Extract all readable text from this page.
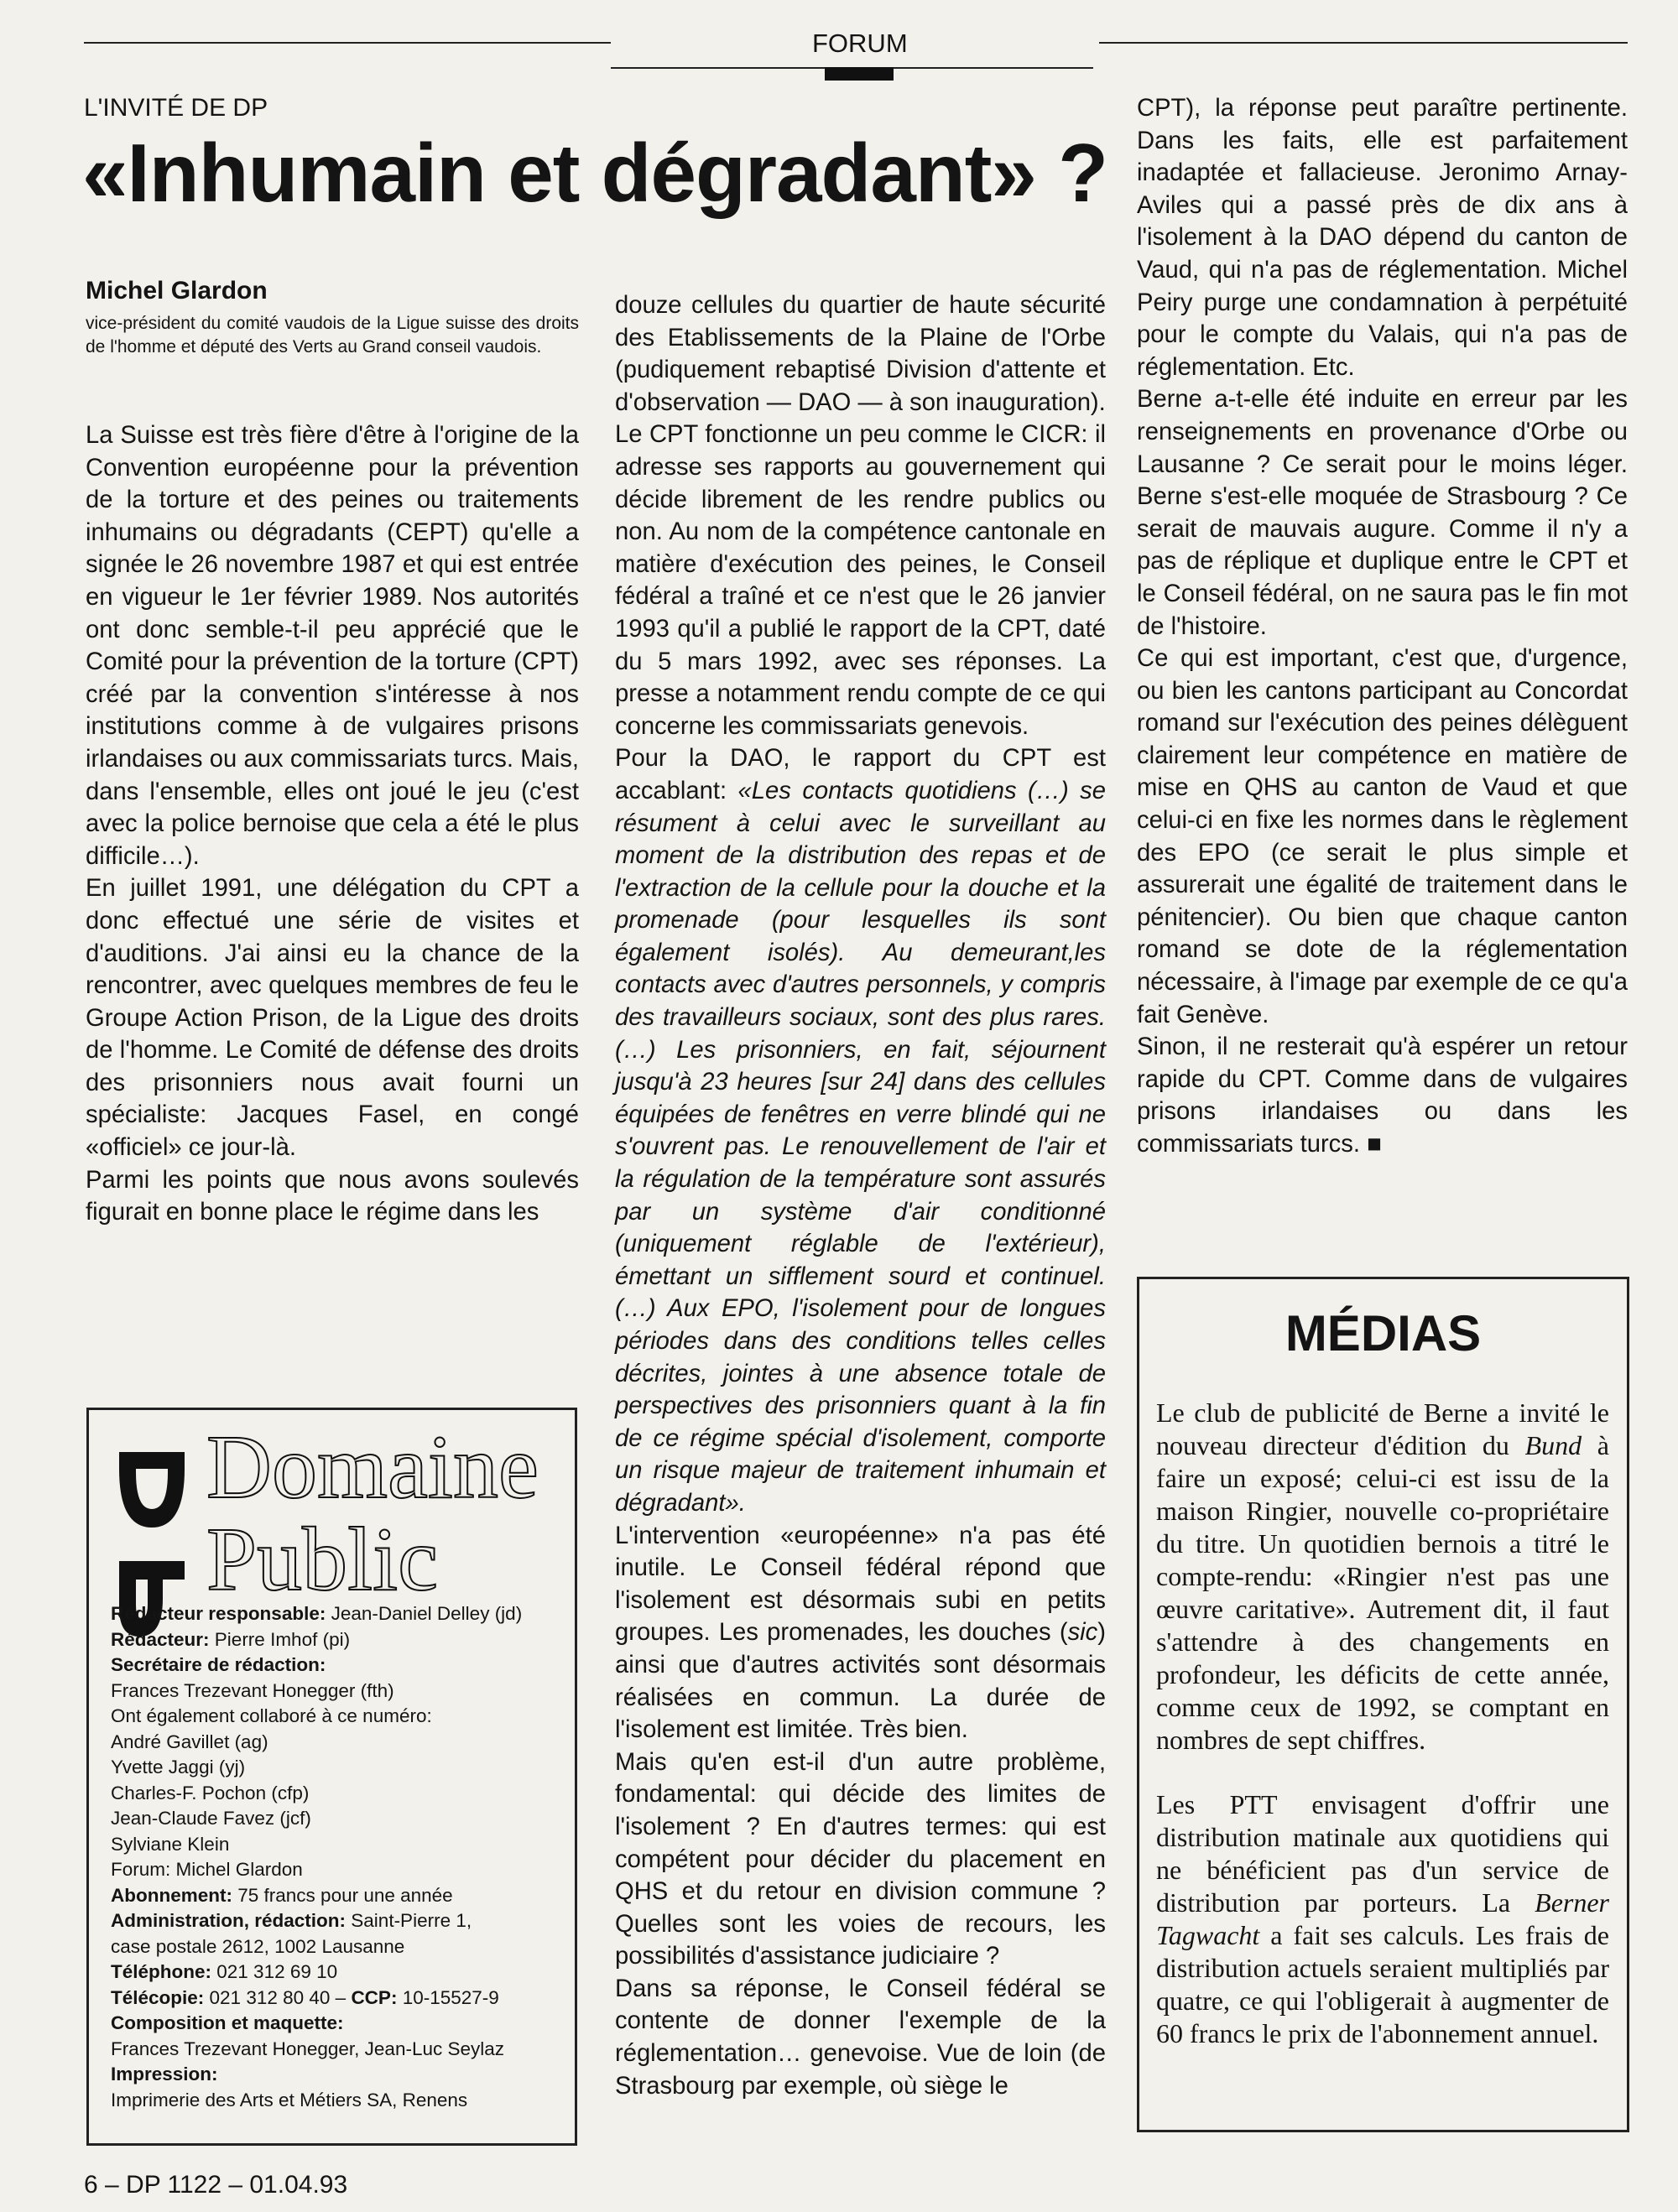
FORUM
L'INVITÉ DE DP
«Inhumain et dégradant» ?
Michel Glardon
vice-président du comité vaudois de la Ligue suisse des droits de l'homme et député des Verts au Grand conseil vaudois.

La Suisse est très fière d'être à l'origine de la Convention européenne pour la prévention de la torture et des peines ou traitements inhumains ou dégradants (CEPT) qu'elle a signée le 26 novembre 1987 et qui est entrée en vigueur le 1er février 1989. Nos autorités ont donc semble-t-il peu apprécié que le Comité pour la prévention de la torture (CPT) créé par la convention s'intéresse à nos institutions comme à de vulgaires prisons irlandaises ou aux commissariats turcs. Mais, dans l'ensemble, elles ont joué le jeu (c'est avec la police bernoise que cela a été le plus difficile…).

En juillet 1991, une délégation du CPT a donc effectué une série de visites et d'auditions. J'ai ainsi eu la chance de la rencontrer, avec quelques membres de feu le Groupe Action Prison, de la Ligue des droits de l'homme. Le Comité de défense des droits des prisonniers nous avait fourni un spécialiste: Jacques Fasel, en congé «officiel» ce jour-là.

Parmi les points que nous avons soulevés figurait en bonne place le régime dans les

douze cellules du quartier de haute sécurité des Etablissements de la Plaine de l'Orbe (pudiquement rebaptisé Division d'attente et d'observation — DAO — à son inauguration).

Le CPT fonctionne un peu comme le CICR: il adresse ses rapports au gouvernement qui décide librement de les rendre publics ou non. Au nom de la compétence cantonale en matière d'exécution des peines, le Conseil fédéral a traîné et ce n'est que le 26 janvier 1993 qu'il a publié le rapport de la CPT, daté du 5 mars 1992, avec ses réponses. La presse a notamment rendu compte de ce qui concerne les commissariats genevois.

Pour la DAO, le rapport du CPT est accablant: «Les contacts quotidiens (…) se résument à celui avec le surveillant au moment de la distribution des repas et de l'extraction de la cellule pour la douche et la promenade (pour lesquelles ils sont également isolés). Au demeurant,les contacts avec d'autres personnels, y compris des travailleurs sociaux, sont des plus rares. (…) Les prisonniers, en fait, séjournent jusqu'à 23 heures [sur 24] dans des cellules équipées de fenêtres en verre blindé qui ne s'ouvrent pas. Le renouvellement de l'air et la régulation de la température sont assurés par un système d'air conditionné (uniquement réglable de l'extérieur), émettant un sifflement sourd et continuel. (…) Aux EPO, l'isolement pour de longues périodes dans des conditions telles celles décrites, jointes à une absence totale de perspectives des prisonniers quant à la fin de ce régime spécial d'isolement, comporte un risque majeur de traitement inhumain et dégradant».

L'intervention «européenne» n'a pas été inutile. Le Conseil fédéral répond que l'isolement est désormais subi en petits groupes. Les promenades, les douches (sic) ainsi que d'autres activités sont désormais réalisées en commun. La durée de l'isolement est limitée. Très bien.

Mais qu'en est-il d'un autre problème, fondamental: qui décide des limites de l'isolement ? En d'autres termes: qui est compétent pour décider du placement en QHS et du retour en division commune ? Quelles sont les voies de recours, les possibilités d'assistance judiciaire ?

Dans sa réponse, le Conseil fédéral se contente de donner l'exemple de la réglementation… genevoise. Vue de loin (de Strasbourg par exemple, où siège le

CPT), la réponse peut paraître pertinente. Dans les faits, elle est parfaitement inadaptée et fallacieuse. Jeronimo Arnay-Aviles qui a passé près de dix ans à l'isolement à la DAO dépend du canton de Vaud, qui n'a pas de réglementation. Michel Peiry purge une condamnation à perpétuité pour le compte du Valais, qui n'a pas de réglementation. Etc.

Berne a-t-elle été induite en erreur par les renseignements en provenance d'Orbe ou Lausanne ? Ce serait pour le moins léger. Berne s'est-elle moquée de Strasbourg ? Ce serait de mauvais augure. Comme il n'y a pas de réplique et duplique entre le CPT et le Conseil fédéral, on ne saura pas le fin mot de l'histoire.

Ce qui est important, c'est que, d'urgence, ou bien les cantons participant au Concordat romand sur l'exécution des peines délèguent clairement leur compétence en matière de mise en QHS au canton de Vaud et que celui-ci en fixe les normes dans le règlement des EPO (ce serait le plus simple et assurerait une égalité de traitement dans le pénitencier). Ou bien que chaque canton romand se dote de la réglementation nécessaire, à l'image par exemple de ce qu'a fait Genève.

Sinon, il ne resterait qu'à espérer un retour rapide du CPT. Comme dans de vulgaires prisons irlandaises ou dans les commissariats turcs. ■

Domaine
Public
Rédacteur responsable: Jean-Daniel Delley (jd)
Rédacteur: Pierre Imhof (pi)
Secrétaire de rédaction:
Frances Trezevant Honegger (fth)
Ont également collaboré à ce numéro:
André Gavillet (ag)
Yvette Jaggi (yj)
Charles-F. Pochon (cfp)
Jean-Claude Favez (jcf)
Sylviane Klein
Forum: Michel Glardon
Abonnement: 75 francs pour une année
Administration, rédaction: Saint-Pierre 1,
case postale 2612, 1002 Lausanne
Téléphone: 021 312 69 10
Télécopie: 021 312 80 40 – CCP: 10-15527-9
Composition et maquette:
Frances Trezevant Honegger, Jean-Luc Seylaz
Impression:
Imprimerie des Arts et Métiers SA, Renens
MÉDIAS

Le club de publicité de Berne a invité le nouveau directeur d'édition du Bund à faire un exposé; celui-ci est issu de la maison Ringier, nouvelle co-propriétaire du titre. Un quotidien bernois a titré le compte-rendu: «Ringier n'est pas une œuvre caritative». Autrement dit, il faut s'attendre à des changements en profondeur, les déficits de cette année, comme ceux de 1992, se comptant en nombres de sept chiffres.

Les PTT envisagent d'offrir une distribution matinale aux quotidiens qui ne bénéficient pas d'un service de distribution par porteurs. La Berner Tagwacht a fait ses calculs. Les frais de distribution actuels seraient multipliés par quatre, ce qui l'obligerait à augmenter de 60 francs le prix de l'abonnement annuel.

6 – DP 1122 – 01.04.93
